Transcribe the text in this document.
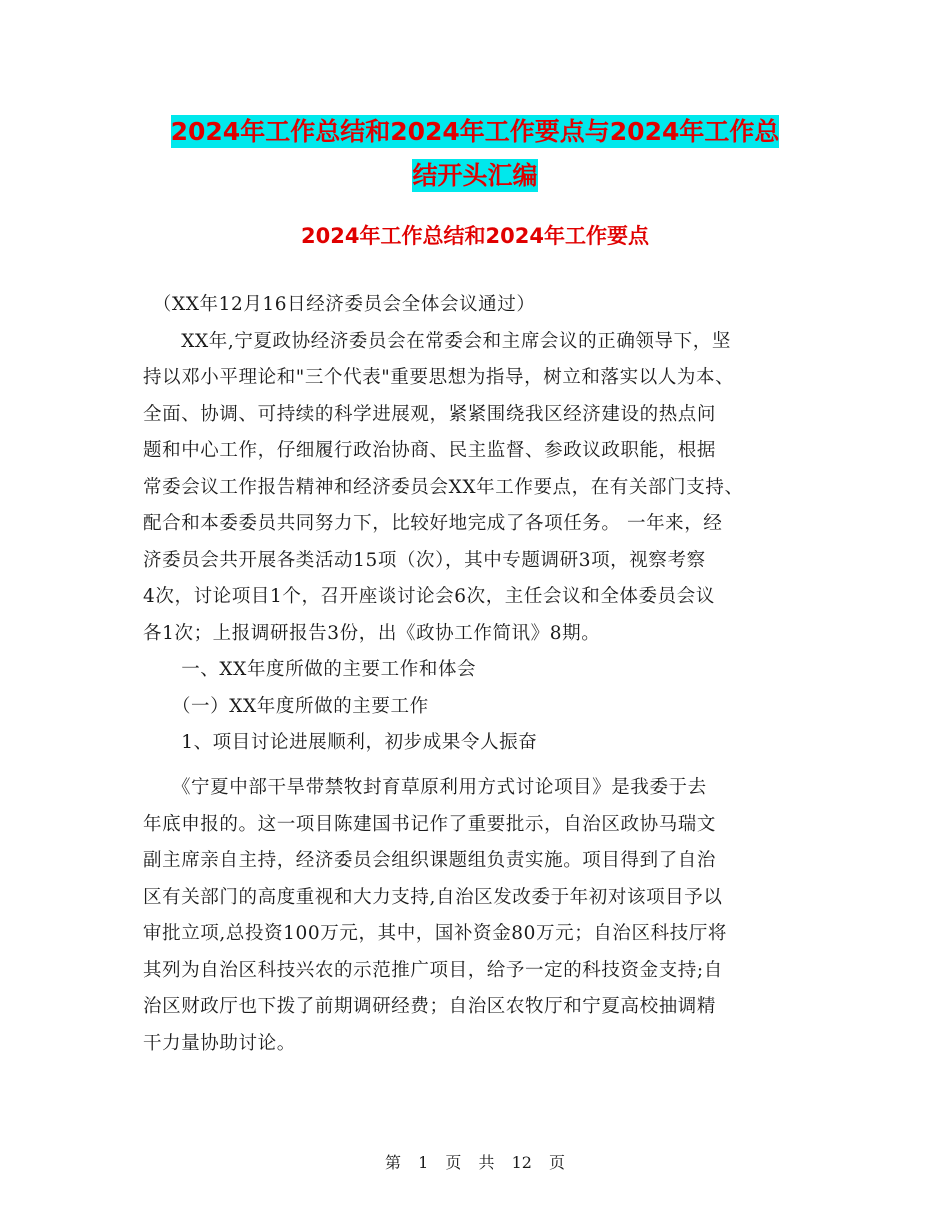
2024年工作总结和2024年工作要点与2024年工作总
结开头汇编
2024年工作总结和2024年工作要点

　（XX年12月16日经济委员会全体会议通过）

　　XX年,宁夏政协经济委员会在常委会和主席会议的正确领导下，坚

持以邓小平理论和"三个代表"重要思想为指导，树立和落实以人为本、

全面、协调、可持续的科学进展观，紧紧围绕我区经济建设的热点问

题和中心工作，仔细履行政治协商、民主监督、参政议政职能，根据

常委会议工作报告精神和经济委员会XX年工作要点，在有关部门支持、

配合和本委委员共同努力下，比较好地完成了各项任务。 一年来，经

济委员会共开展各类活动15项（次），其中专题调研3项，视察考察

4次，讨论项目1个，召开座谈讨论会6次，主任会议和全体委员会议

各1次；上报调研报告3份，出《政协工作简讯》8期。

　　一、XX年度所做的主要工作和体会

　　（一）XX年度所做的主要工作

　　1、项目讨论进展顺利，初步成果令人振奋

　　《宁夏中部干旱带禁牧封育草原利用方式讨论项目》是我委于去

年底申报的。这一项目陈建国书记作了重要批示，自治区政协马瑞文

副主席亲自主持，经济委员会组织课题组负责实施。项目得到了自治

区有关部门的高度重视和大力支持,自治区发改委于年初对该项目予以

审批立项,总投资100万元，其中，国补资金80万元；自治区科技厅将

其列为自治区科技兴农的示范推广项目，给予一定的科技资金支持;自

治区财政厅也下拨了前期调研经费；自治区农牧厅和宁夏高校抽调精

干力量协助讨论。

第 1 页 共 12 页
